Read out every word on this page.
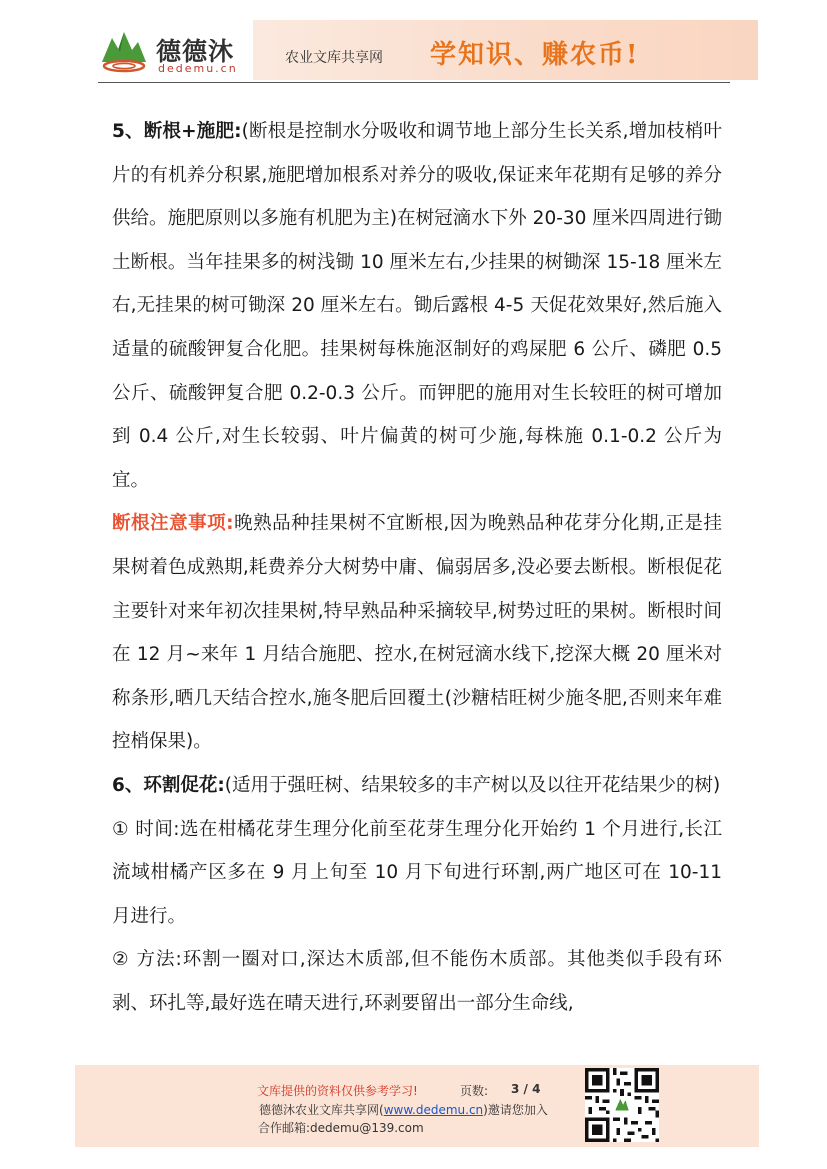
德德沐
dedemu.cn
农业文库共享网 学知识、赚农币!

5、断根+施肥:(断根是控制水分吸收和调节地上部分生长关系,增加枝梢叶片的有机养分积累,施肥增加根系对养分的吸收,保证来年花期有足够的养分供给。施肥原则以多施有机肥为主)在树冠滴水下外 20-30 厘米四周进行锄土断根。当年挂果多的树浅锄 10 厘米左右,少挂果的树锄深 15-18 厘米左右,无挂果的树可锄深 20 厘米左右。锄后露根 4-5 天促花效果好,然后施入适量的硫酸钾复合化肥。挂果树每株施沤制好的鸡屎肥 6 公斤、磷肥 0.5 公斤、硫酸钾复合肥 0.2-0.3 公斤。而钾肥的施用对生长较旺的树可增加到 0.4 公斤,对生长较弱、叶片偏黄的树可少施,每株施 0.1-0.2 公斤为宜。

断根注意事项:晚熟品种挂果树不宜断根,因为晚熟品种花芽分化期,正是挂果树着色成熟期,耗费养分大树势中庸、偏弱居多,没必要去断根。断根促花主要针对来年初次挂果树,特早熟品种采摘较早,树势过旺的果树。断根时间在 12 月~来年 1 月结合施肥、控水,在树冠滴水线下,挖深大概 20 厘米对称条形,晒几天结合控水,施冬肥后回覆土(沙糖桔旺树少施冬肥,否则来年难控梢保果)。

6、环割促花:(适用于强旺树、结果较多的丰产树以及以往开花结果少的树)

① 时间:选在柑橘花芽生理分化前至花芽生理分化开始约 1 个月进行,长江流域柑橘产区多在 9 月上旬至 10 月下旬进行环割,两广地区可在 10-11 月进行。

② 方法:环割一圈对口,深达木质部,但不能伤木质部。其他类似手段有环剥、环扎等,最好选在晴天进行,环剥要留出一部分生命线,

文库提供的资料仅供参考学习!	页数: 3 / 4
德德沐农业文库共享网(www.dedemu.cn)邀请您加入
合作邮箱:dedemu@139.com
